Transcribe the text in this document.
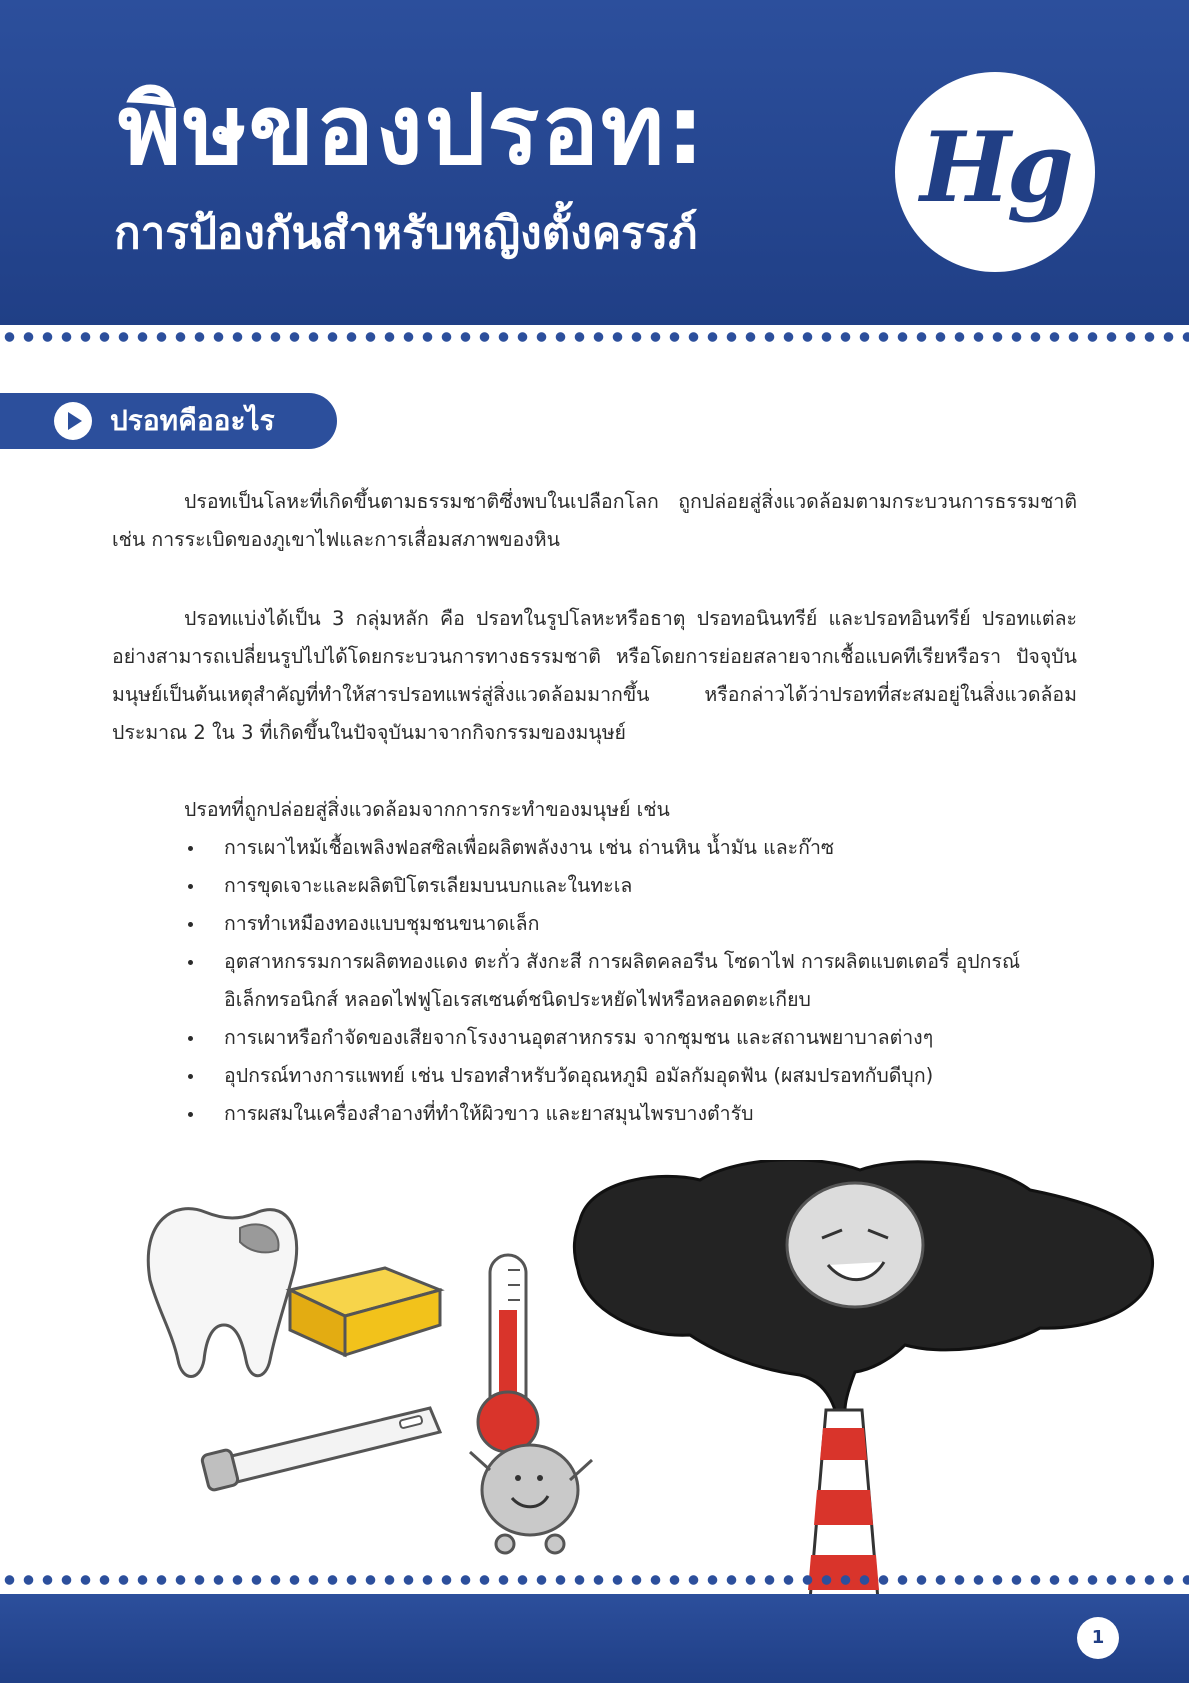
พิษของปรอท:
การป้องกันสำหรับหญิงตั้งครรภ์
Hg
ปรอทคืออะไร

ปรอทเป็นโลหะที่เกิดขึ้นตามธรรมชาติซึ่งพบในเปลือกโลก ถูกปล่อยสู่สิ่งแวดล้อมตามกระบวนการธรรมชาติ เช่น การระเบิดของภูเขาไฟและการเสื่อมสภาพของหิน

ปรอทแบ่งได้เป็น 3 กลุ่มหลัก คือ ปรอทในรูปโลหะหรือธาตุ ปรอทอนินทรีย์ และปรอทอินทรีย์ ปรอทแต่ละอย่างสามารถเปลี่ยนรูปไปได้โดยกระบวนการทางธรรมชาติ หรือโดยการย่อยสลายจากเชื้อแบคทีเรียหรือรา ปัจจุบันมนุษย์เป็นต้นเหตุสำคัญที่ทำให้สารปรอทแพร่สู่สิ่งแวดล้อมมากขึ้น หรือกล่าวได้ว่าปรอทที่สะสมอยู่ในสิ่งแวดล้อมประมาณ 2 ใน 3 ที่เกิดขึ้นในปัจจุบันมาจากกิจกรรมของมนุษย์

ปรอทที่ถูกปล่อยสู่สิ่งแวดล้อมจากการกระทำของมนุษย์ เช่น
การเผาไหม้เชื้อเพลิงฟอสซิลเพื่อผลิตพลังงาน เช่น ถ่านหิน น้ำมัน และก๊าซ
การขุดเจาะและผลิตปิโตรเลียมบนบกและในทะเล
การทำเหมืองทองแบบชุมชนขนาดเล็ก
อุตสาหกรรมการผลิตทองแดง ตะกั่ว สังกะสี การผลิตคลอรีน โซดาไฟ การผลิตแบตเตอรี่ อุปกรณ์อิเล็กทรอนิกส์ หลอดไฟฟูโอเรสเซนต์ชนิดประหยัดไฟหรือหลอดตะเกียบ
การเผาหรือกำจัดของเสียจากโรงงานอุตสาหกรรม จากชุมชน และสถานพยาบาลต่างๆ
อุปกรณ์ทางการแพทย์ เช่น ปรอทสำหรับวัดอุณหภูมิ อมัลกัมอุดฟัน (ผสมปรอทกับดีบุก)
การผสมในเครื่องสำอางที่ทำให้ผิวขาว และยาสมุนไพรบางตำรับ
1
